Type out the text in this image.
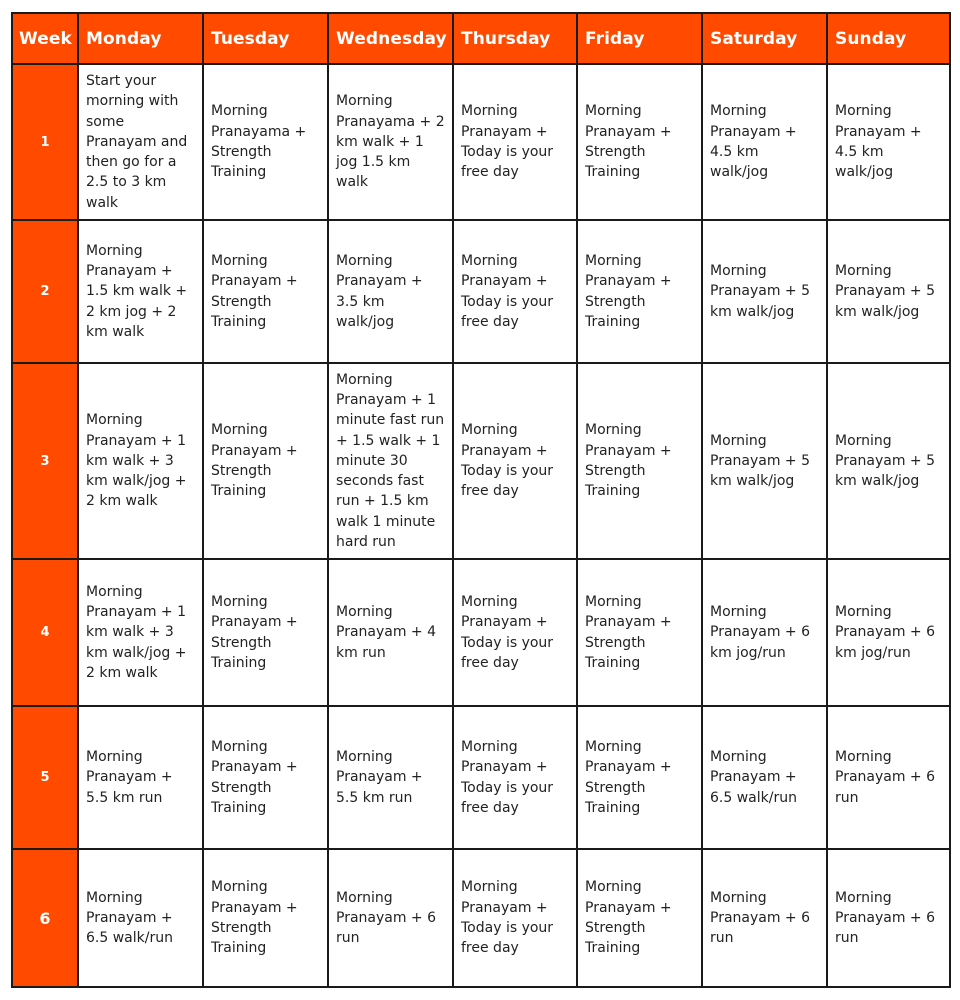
Week	Monday	Tuesday	Wednesday	Thursday	Friday	Saturday	Sunday
1	Start your morning with some Pranayam and then go for a 2.5 to 3 km walk	Morning Pranayama + Strength Training	Morning Pranayama + 2 km walk + 1 jog 1.5 km walk	Morning Pranayam + Today is your free day	Morning Pranayam + Strength Training	Morning Pranayam + 4.5 km walk/jog	Morning Pranayam + 4.5 km walk/jog
2	Morning Pranayam + 1.5 km walk + 2 km jog + 2 km walk	Morning Pranayam + Strength Training	Morning Pranayam + 3.5 km walk/jog	Morning Pranayam + Today is your free day	Morning Pranayam + Strength Training	Morning Pranayam + 5 km walk/jog	Morning Pranayam + 5 km walk/jog
3	Morning Pranayam + 1 km walk + 3 km walk/jog + 2 km walk	Morning Pranayam + Strength Training	Morning Pranayam + 1 minute fast run + 1.5 walk + 1 minute 30 seconds fast run + 1.5 km walk 1 minute hard run	Morning Pranayam + Today is your free day	Morning Pranayam + Strength Training	Morning Pranayam + 5 km walk/jog	Morning Pranayam + 5 km walk/jog
4	Morning Pranayam + 1 km walk + 3 km walk/jog + 2 km walk	Morning Pranayam + Strength Training	Morning Pranayam + 4 km run	Morning Pranayam + Today is your free day	Morning Pranayam + Strength Training	Morning Pranayam + 6 km jog/run	Morning Pranayam + 6 km jog/run
5	Morning Pranayam + 5.5 km run	Morning Pranayam + Strength Training	Morning Pranayam + 5.5 km run	Morning Pranayam + Today is your free day	Morning Pranayam + Strength Training	Morning Pranayam + 6.5 walk/run	Morning Pranayam + 6 run
6	Morning Pranayam + 6.5 walk/run	Morning Pranayam + Strength Training	Morning Pranayam + 6 run	Morning Pranayam + Today is your free day	Morning Pranayam + Strength Training	Morning Pranayam + 6 run	Morning Pranayam + 6 run
